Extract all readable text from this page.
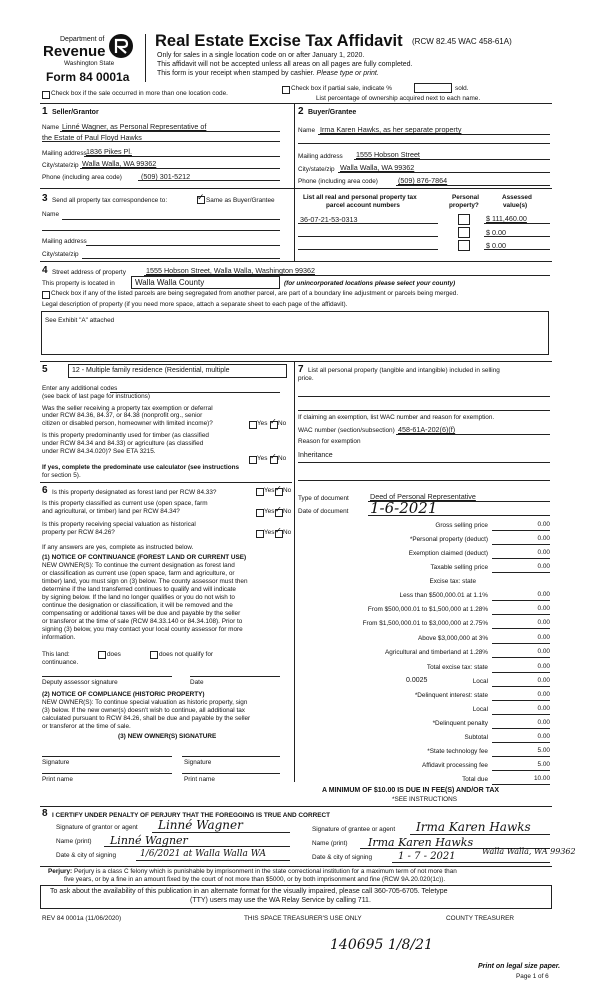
Department of
Revenue
Washington State
Form 84 0001a
Real Estate Excise Tax Affidavit (RCW 82.45 WAC 458-61A)
Only for sales in a single location code on or after January 1, 2020.
This affidavit will not be accepted unless all areas on all pages are fully completed.
This form is your receipt when stamped by cashier. Please type or print.
Check box if the sale occurred in more than one location code.
Check box if partial sale, indicate %	sold.
List percentage of ownership acquired next to each name.
1 Seller/Grantor
Name Linné Wagner, as Personal Representative of
the Estate of Paul Floyd Hawks
Mailing address 1836 Pikes Pl.
City/state/zip Walla Walla, WA 99362
Phone (including area code)	(509) 301-5212
2 Buyer/Grantee
Name Irma Karen Hawks, as her separate property
Mailing address 1555 Hobson Street
City/state/zip Walla Walla, WA 99362
Phone (including area code)	(509) 876-7864
3 Send all property tax correspondence to:	✓ Same as Buyer/Grantee
Name
Mailing address
City/state/zip
List all real and personal property tax
parcel account numbers
Personal
property?
Assessed
value(s)
36-07-21-53-0313	$ 111,460.00
$ 0.00
$ 0.00
4 Street address of property	1555 Hobson Street, Walla Walla, Washington 99362
This property is located in	Walla Walla County	(for unincorporated locations please select your county)
Check box if any of the listed parcels are being segregated from another parcel, are part of a boundary line adjustment or parcels being merged.
Legal description of property (if you need more space, attach a separate sheet to each page of the affidavit).
See Exhibit "A" attached
5	12 - Multiple family residence (Residential, multiple
Enter any additional codes
(see back of last page for instructions)
Was the seller receiving a property tax exemption or deferral
under RCW 84.36, 84.37, or 84.38 (nonprofit org., senior
citizen or disabled person, homeowner with limited income)?	Yes ✓ No
Is this property predominantly used for timber (as classified
under RCW 84.34 and 84.33) or agriculture (as classified
under RCW 84.34.020)? See ETA 3215.
Yes ✓ No
If yes, complete the predominate use calculator (see instructions
for section 5).
6 Is this property designated as forest land per RCW 84.33?	Yes ✓ No
Is this property classified as current use (open space, farm
and agricultural, or timber) land per RCW 84.34?	Yes ✓ No
Is this property receiving special valuation as historical
property per RCW 84.26?	Yes ✓ No
If any answers are yes, complete as instructed below.
(1) NOTICE OF CONTINUANCE (FOREST LAND OR CURRENT USE)
NEW OWNER(S): To continue the current designation as forest land
or classification as current use (open space, farm and agriculture, or
timber) land, you must sign on (3) below. The county assessor must then
determine if the land transferred continues to qualify and will indicate
by signing below. If the land no longer qualifies or you do not wish to
continue the designation or classification, it will be removed and the
compensating or additional taxes will be due and payable by the seller
or transferor at the time of sale (RCW 84.33.140 or 84.34.108). Prior to
signing (3) below, you may contact your local county assessor for more
information.
This land:	does	does not qualify for
continuance.
Deputy assessor signature	Date
(2) NOTICE OF COMPLIANCE (HISTORIC PROPERTY)
NEW OWNER(S): To continue special valuation as historic property, sign
(3) below. If the new owner(s) doesn't wish to continue, all additional tax
calculated pursuant to RCW 84.26, shall be due and payable by the seller
or transferor at the time of sale.
(3) NEW OWNER(S) SIGNATURE
Signature	Signature
Print name	Print name
7 List all personal property (tangible and intangible) included in selling
price.
If claiming an exemption, list WAC number and reason for exemption.
WAC number (section/subsection) 458-61A-202(6)(f)
Reason for exemption
Inheritance
Type of document	Deed of Personal Representative
Date of document 1-6-2021
Gross selling price	0.00
*Personal property (deduct)	0.00
Exemption claimed (deduct)	0.00
Taxable selling price	0.00
Excise tax: state
Less than $500,000.01 at 1.1%	0.00
From $500,000.01 to $1,500,000 at 1.28%	0.00
From $1,500,000.01 to $3,000,000 at 2.75%	0.00
Above $3,000,000 at 3%	0.00
Agricultural and timberland at 1.28%	0.00
Total excise tax: state	0.00
0.0025	Local	0.00
*Delinquent interest: state	0.00
Local	0.00
*Delinquent penalty	0.00
Subtotal	0.00
*State technology fee	5.00
Affidavit processing fee	5.00
Total due	10.00
A MINIMUM OF $10.00 IS DUE IN FEE(S) AND/OR TAX
*SEE INSTRUCTIONS
8 I CERTIFY UNDER PENALTY OF PERJURY THAT THE FOREGOING IS TRUE AND CORRECT
Signature of grantor or agent Linné Wagner
Name (print) Linné Wagner
Date & city of signing	1/6/2021 at Walla Walla WA
Signature of grantee or agent Irma Karen Hawks
Name (print) Irma Karen Hawks
Date & city of signing	1 - 7 - 2021	Walla Walla, WA 99362
Perjury: Perjury is a class C felony which is punishable by imprisonment in the state correctional institution for a maximum term of not more than
five years, or by a fine in an amount fixed by the court of not more than $5000, or by both imprisonment and fine (RCW 9A.20.020(1c)).
To ask about the availability of this publication in an alternate format for the visually impaired, please call 360-705-6705. Teletype
(TTY) users may use the WA Relay Service by calling 711.
REV 84 0001a (11/06/2020)	THIS SPACE TREASURER'S USE ONLY	COUNTY TREASURER
140695 1/8/21
Print on legal size paper.
Page 1 of 6
